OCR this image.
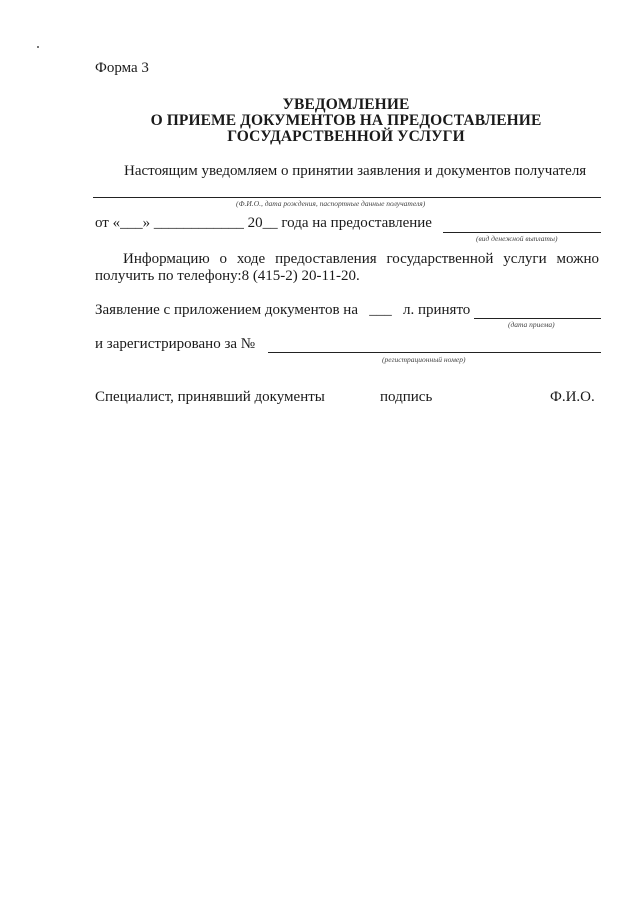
Форма 3
УВЕДОМЛЕНИЕ
О ПРИЕМЕ ДОКУМЕНТОВ НА ПРЕДОСТАВЛЕНИЕ
ГОСУДАРСТВЕННОЙ УСЛУГИ
Настоящим уведомляем о принятии заявления и документов получателя
(Ф.И.О., дата рождения, паспортные данные получателя)
от «___» ____________ 20__ года на предоставление
(вид денежной выплаты)
Информацию о ходе предоставления государственной услуги можно
получить по телефону:8 (415-2) 20-11-20.
Заявление с приложением документов на ___ л. принято
(дата приема)
и зарегистрировано за №
(регистрационный номер)
Специалист, принявший документы	подпись	Ф.И.О.
